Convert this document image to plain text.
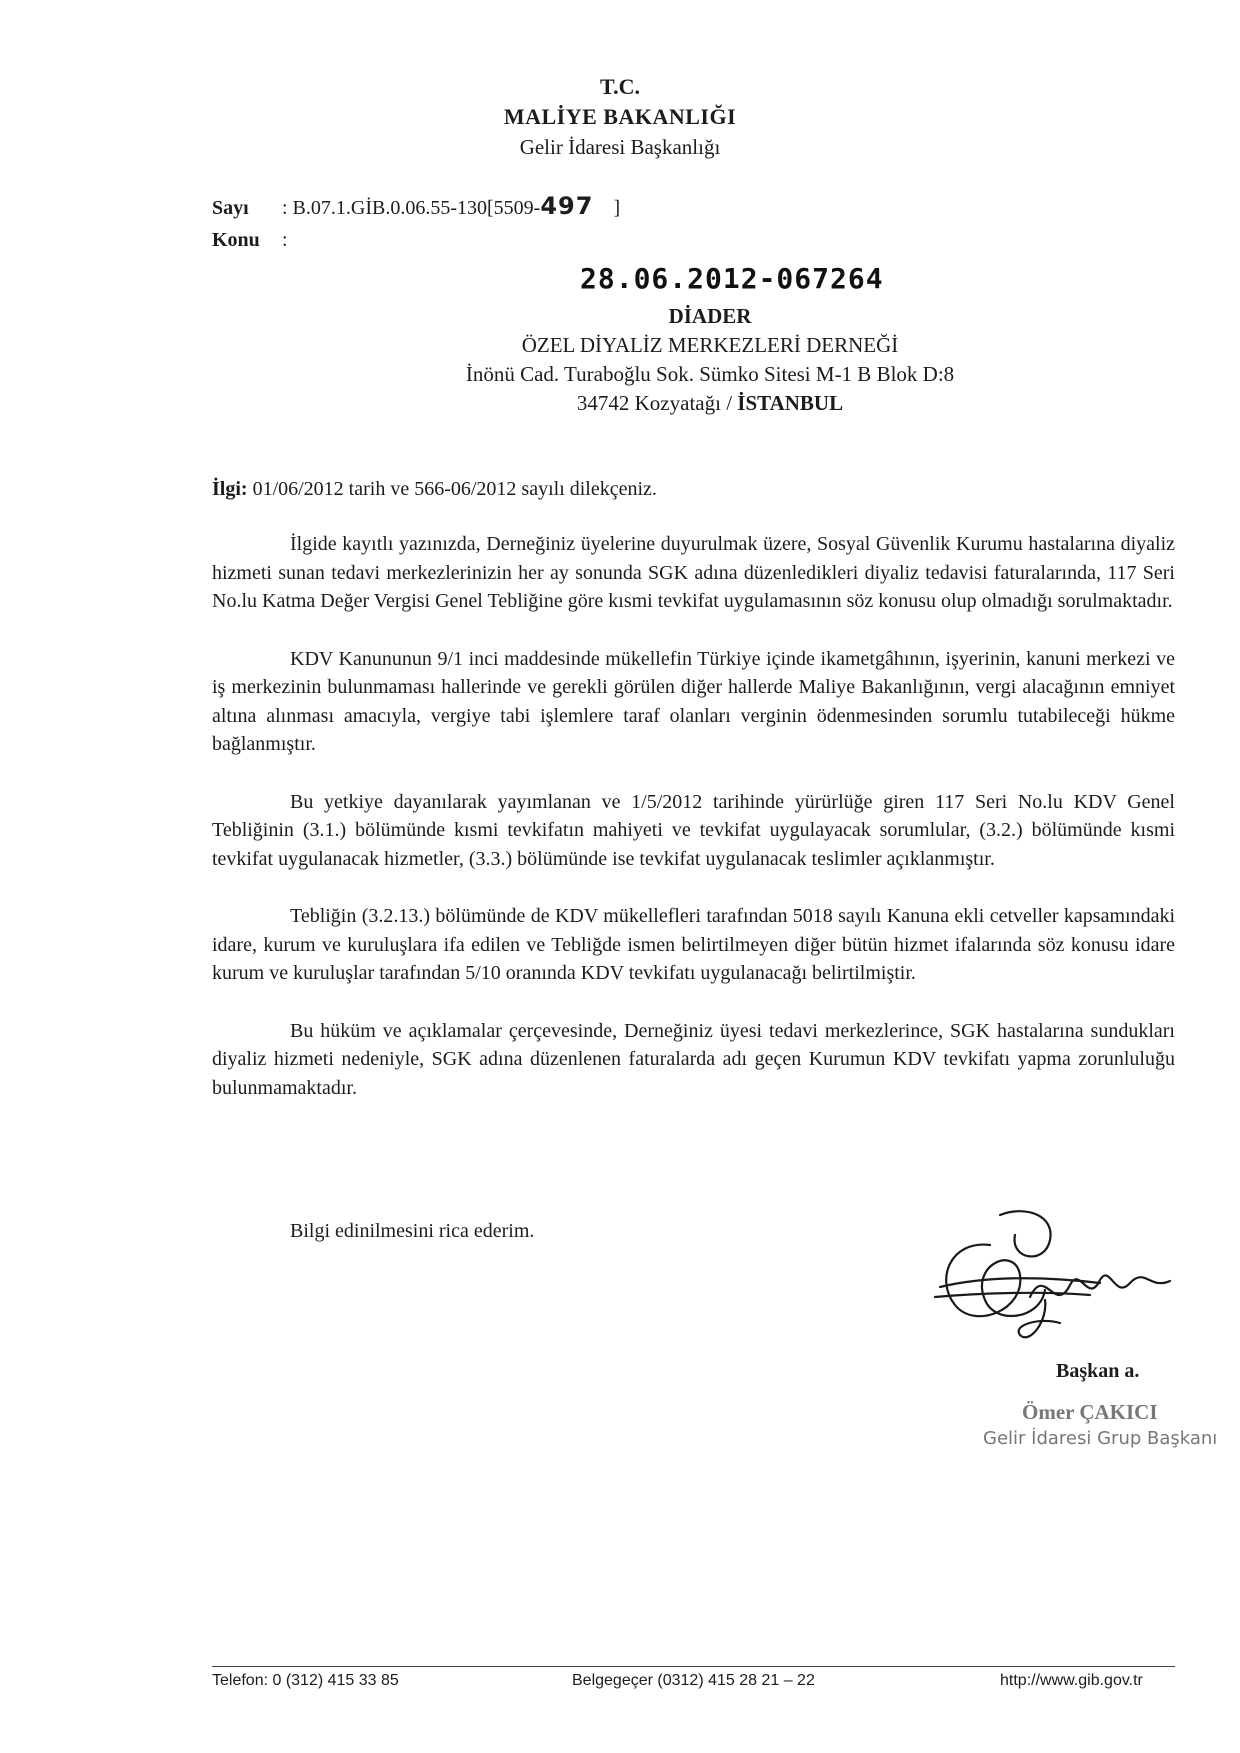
T.C.
MALİYE BAKANLIĞI
Gelir İdaresi Başkanlığı
Sayı : B.07.1.GİB.0.06.55-130[5509-497 ]
Konu :
28.06.2012-067264
DİADER
ÖZEL DİYALİZ MERKEZLERİ DERNEĞİ
İnönü Cad. Turaboğlu Sok. Sümko Sitesi M-1 B Blok D:8
34742 Kozyatağı / İSTANBUL
İlgi: 01/06/2012 tarih ve 566-06/2012 sayılı dilekçeniz.

İlgide kayıtlı yazınızda, Derneğiniz üyelerine duyurulmak üzere, Sosyal Güvenlik Kurumu hastalarına diyaliz hizmeti sunan tedavi merkezlerinizin her ay sonunda SGK adına düzenledikleri diyaliz tedavisi faturalarında, 117 Seri No.lu Katma Değer Vergisi Genel Tebliğine göre kısmi tevkifat uygulamasının söz konusu olup olmadığı sorulmaktadır.

KDV Kanununun 9/1 inci maddesinde mükellefin Türkiye içinde ikametgâhının, işyerinin, kanuni merkezi ve iş merkezinin bulunmaması hallerinde ve gerekli görülen diğer hallerde Maliye Bakanlığının, vergi alacağının emniyet altına alınması amacıyla, vergiye tabi işlemlere taraf olanları verginin ödenmesinden sorumlu tutabileceği hükme bağlanmıştır.

Bu yetkiye dayanılarak yayımlanan ve 1/5/2012 tarihinde yürürlüğe giren 117 Seri No.lu KDV Genel Tebliğinin (3.1.) bölümünde kısmi tevkifatın mahiyeti ve tevkifat uygulayacak sorumlular, (3.2.) bölümünde kısmi tevkifat uygulanacak hizmetler, (3.3.) bölümünde ise tevkifat uygulanacak teslimler açıklanmıştır.

Tebliğin (3.2.13.) bölümünde de KDV mükellefleri tarafından 5018 sayılı Kanuna ekli cetveller kapsamındaki idare, kurum ve kuruluşlara ifa edilen ve Tebliğde ismen belirtilmeyen diğer bütün hizmet ifalarında söz konusu idare kurum ve kuruluşlar tarafından 5/10 oranında KDV tevkifatı uygulanacağı belirtilmiştir.

Bu hüküm ve açıklamalar çerçevesinde, Derneğiniz üyesi tedavi merkezlerince, SGK hastalarına sundukları diyaliz hizmeti nedeniyle, SGK adına düzenlenen faturalarda adı geçen Kurumun KDV tevkifatı yapma zorunluluğu bulunmamaktadır.

Bilgi edinilmesini rica ederim.
Başkan a.
Ömer ÇAKICI
Gelir İdaresi Grup Başkanı
Telefon: 0 (312) 415 33 85	Belgegeçer (0312) 415 28 21 – 22	http://www.gib.gov.tr
